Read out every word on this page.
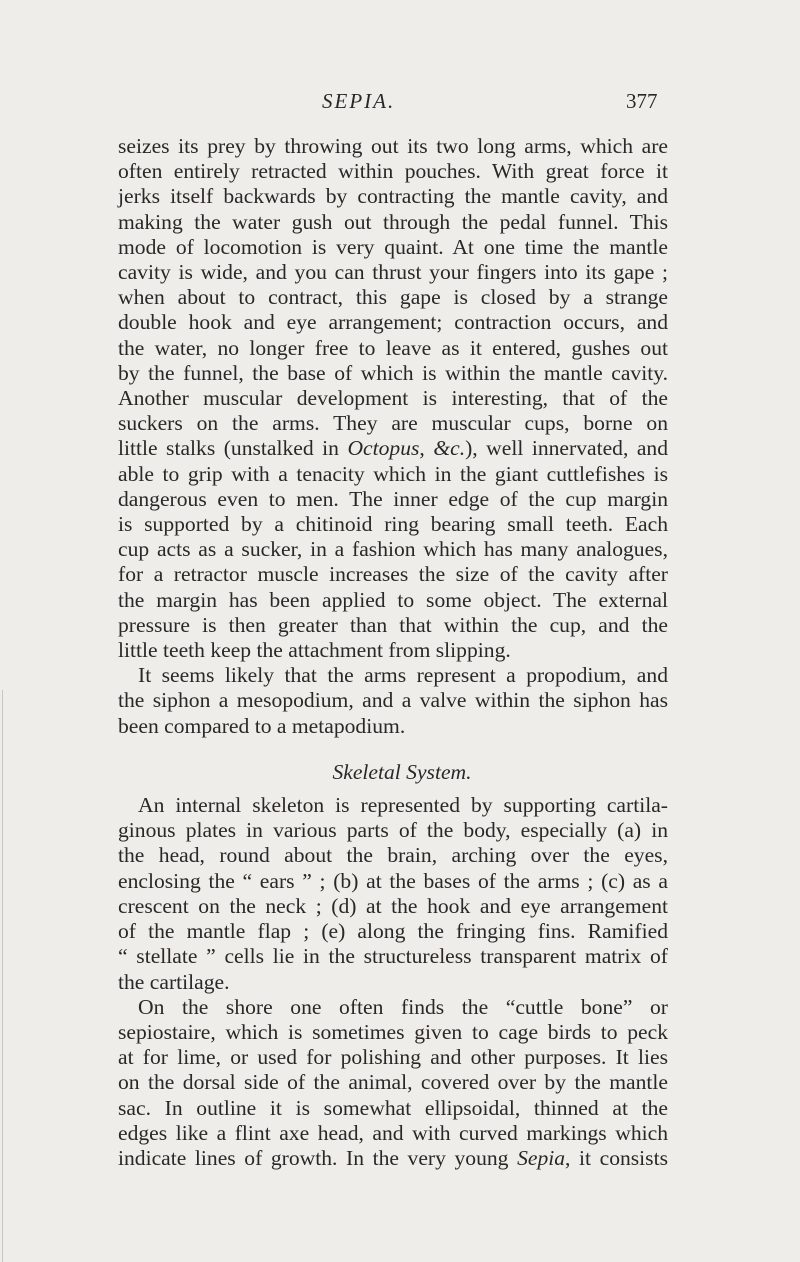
SEPIA.	377
seizes its prey by throwing out its two long arms, which are
often entirely retracted within pouches. With great force it
jerks itself backwards by contracting the mantle cavity, and
making the water gush out through the pedal funnel. This
mode of locomotion is very quaint. At one time the mantle
cavity is wide, and you can thrust your fingers into its gape ;
when about to contract, this gape is closed by a strange
double hook and eye arrangement; contraction occurs, and
the water, no longer free to leave as it entered, gushes out
by the funnel, the base of which is within the mantle cavity.
Another muscular development is interesting, that of the
suckers on the arms. They are muscular cups, borne on
little stalks (unstalked in Octopus, &c.), well innervated, and
able to grip with a tenacity which in the giant cuttlefishes is
dangerous even to men. The inner edge of the cup margin
is supported by a chitinoid ring bearing small teeth. Each
cup acts as a sucker, in a fashion which has many analogues,
for a retractor muscle increases the size of the cavity after
the margin has been applied to some object. The external
pressure is then greater than that within the cup, and the
little teeth keep the attachment from slipping.
It seems likely that the arms represent a propodium, and
the siphon a mesopodium, and a valve within the siphon has
been compared to a metapodium.
Skeletal System.
An internal skeleton is represented by supporting cartila-
ginous plates in various parts of the body, especially (a) in
the head, round about the brain, arching over the eyes,
enclosing the “ ears ” ; (b) at the bases of the arms ; (c) as a
crescent on the neck ; (d) at the hook and eye arrangement
of the mantle flap ; (e) along the fringing fins. Ramified
“ stellate ” cells lie in the structureless transparent matrix of
the cartilage.
On the shore one often finds the “cuttle bone” or
sepiostaire, which is sometimes given to cage birds to peck
at for lime, or used for polishing and other purposes. It lies
on the dorsal side of the animal, covered over by the mantle
sac. In outline it is somewhat ellipsoidal, thinned at the
edges like a flint axe head, and with curved markings which
indicate lines of growth. In the very young Sepia, it consists
